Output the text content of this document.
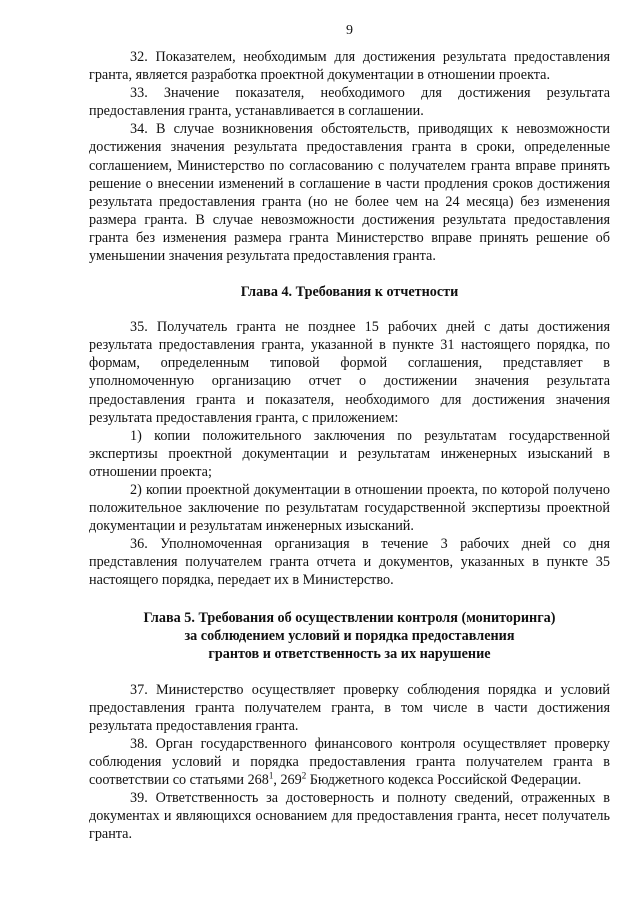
9

32. Показателем, необходимым для достижения результата предоставления гранта, является разработка проектной документации в отношении проекта.

33. Значение показателя, необходимого для достижения результата предоставления гранта, устанавливается в соглашении.

34. В случае возникновения обстоятельств, приводящих к невозможности достижения значения результата предоставления гранта в сроки, определенные соглашением, Министерство по согласованию с получателем гранта вправе принять решение о внесении изменений в соглашение в части продления сроков достижения результата предоставления гранта (но не более чем на 24 месяца) без изменения размера гранта. В случае невозможности достижения результата предоставления гранта без изменения размера гранта Министерство вправе принять решение об уменьшении значения результата предоставления гранта.

Глава 4. Требования к отчетности

35. Получатель гранта не позднее 15 рабочих дней с даты достижения результата предоставления гранта, указанной в пункте 31 настоящего порядка, по формам, определенным типовой формой соглашения, представляет в уполномоченную организацию отчет о достижении значения результата предоставления гранта и показателя, необходимого для достижения значения результата предоставления гранта, с приложением:

1) копии положительного заключения по результатам государственной экспертизы проектной документации и результатам инженерных изысканий в отношении проекта;

2) копии проектной документации в отношении проекта, по которой получено положительное заключение по результатам государственной экспертизы проектной документации и результатам инженерных изысканий.

36. Уполномоченная организация в течение 3 рабочих дней со дня представления получателем гранта отчета и документов, указанных в пункте 35 настоящего порядка, передает их в Министерство.

Глава 5. Требования об осуществлении контроля (мониторинга)

за соблюдением условий и порядка предоставления

грантов и ответственность за их нарушение

37. Министерство осуществляет проверку соблюдения порядка и условий предоставления гранта получателем гранта, в том числе в части достижения результата предоставления гранта.

38. Орган государственного финансового контроля осуществляет проверку соблюдения условий и порядка предоставления гранта получателем гранта в соответствии со статьями $268^1$, $269^2$ Бюджетного кодекса Российской Федерации.

39. Ответственность за достоверность и полноту сведений, отраженных в документах и являющихся основанием для предоставления гранта, несет получатель гранта.
